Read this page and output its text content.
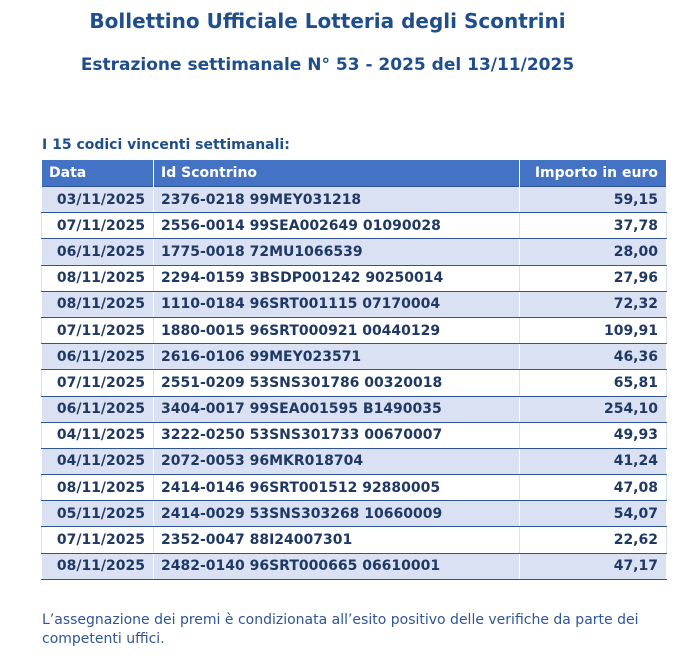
Bollettino Ufficiale Lotteria degli Scontrini
Estrazione settimanale N° 53 - 2025 del 13/11/2025
I 15 codici vincenti settimanali:
Data	Id Scontrino	Importo in euro
03/11/2025	2376-0218 99MEY031218	59,15
07/11/2025	2556-0014 99SEA002649 01090028	37,78
06/11/2025	1775-0018 72MU1066539	28,00
08/11/2025	2294-0159 3BSDP001242 90250014	27,96
08/11/2025	1110-0184 96SRT001115 07170004	72,32
07/11/2025	1880-0015 96SRT000921 00440129	109,91
06/11/2025	2616-0106 99MEY023571	46,36
07/11/2025	2551-0209 53SNS301786 00320018	65,81
06/11/2025	3404-0017 99SEA001595 B1490035	254,10
04/11/2025	3222-0250 53SNS301733 00670007	49,93
04/11/2025	2072-0053 96MKR018704	41,24
08/11/2025	2414-0146 96SRT001512 92880005	47,08
05/11/2025	2414-0029 53SNS303268 10660009	54,07
07/11/2025	2352-0047 88I24007301	22,62
08/11/2025	2482-0140 96SRT000665 06610001	47,17

L’assegnazione dei premi è condizionata all’esito positivo delle verifiche da parte dei competenti uffici.
